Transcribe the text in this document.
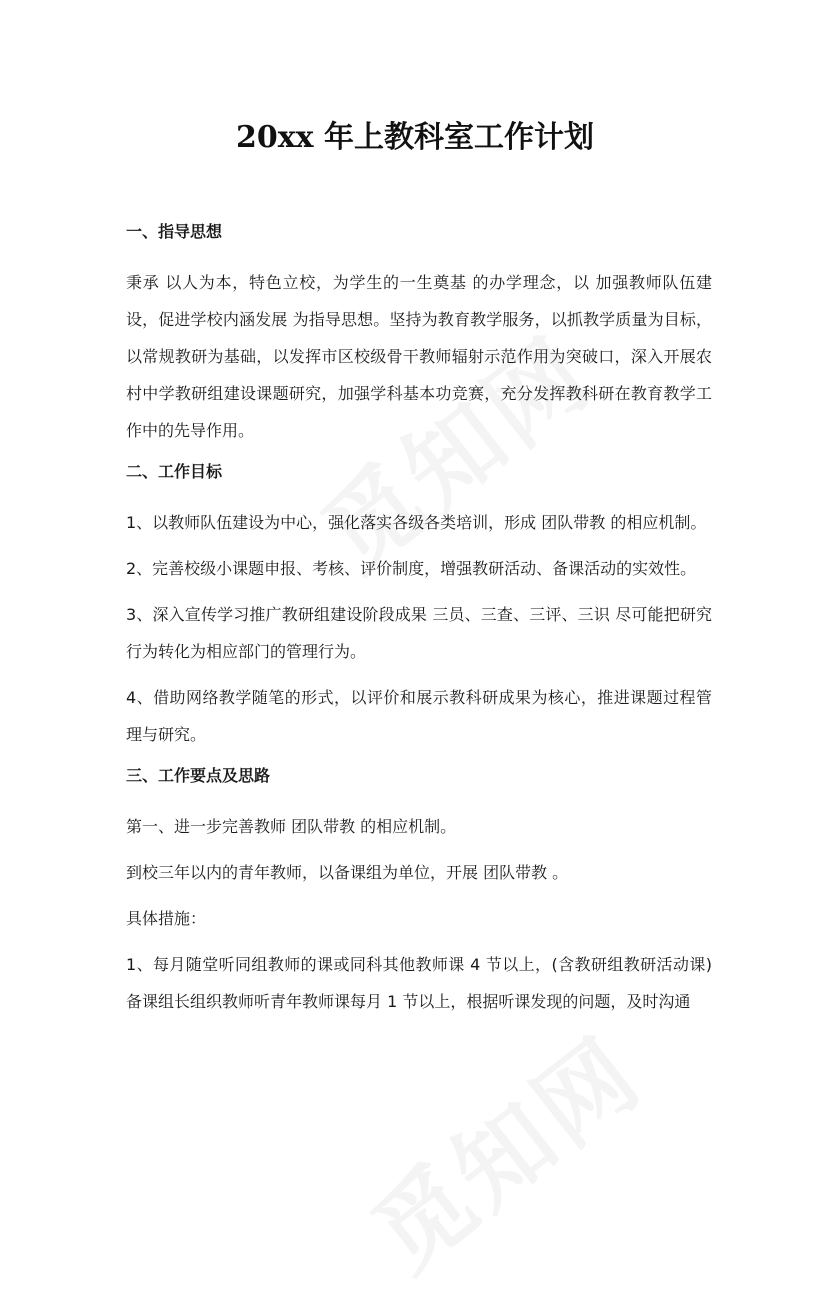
20xx 年上教科室工作计划
一、指导思想

秉承 以人为本，特色立校，为学生的一生奠基 的办学理念，以 加强教师队伍建设，促进学校内涵发展 为指导思想。坚持为教育教学服务，以抓教学质量为目标，以常规教研为基础，以发挥市区校级骨干教师辐射示范作用为突破口，深入开展农村中学教研组建设课题研究，加强学科基本功竞赛，充分发挥教科研在教育教学工作中的先导作用。

二、工作目标

1、以教师队伍建设为中心，强化落实各级各类培训，形成 团队带教 的相应机制。

2、完善校级小课题申报、考核、评价制度，增强教研活动、备课活动的实效性。

3、深入宣传学习推广教研组建设阶段成果 三员、三查、三评、三识 尽可能把研究行为转化为相应部门的管理行为。

4、借助网络教学随笔的形式，以评价和展示教科研成果为核心，推进课题过程管理与研究。

三、工作要点及思路

第一、进一步完善教师 团队带教 的相应机制。

到校三年以内的青年教师，以备课组为单位，开展 团队带教 。

具体措施：

1、每月随堂听同组教师的课或同科其他教师课 4 节以上，(含教研组教研活动课) 备课组长组织教师听青年教师课每月 1 节以上，根据听课发现的问题，及时沟通
